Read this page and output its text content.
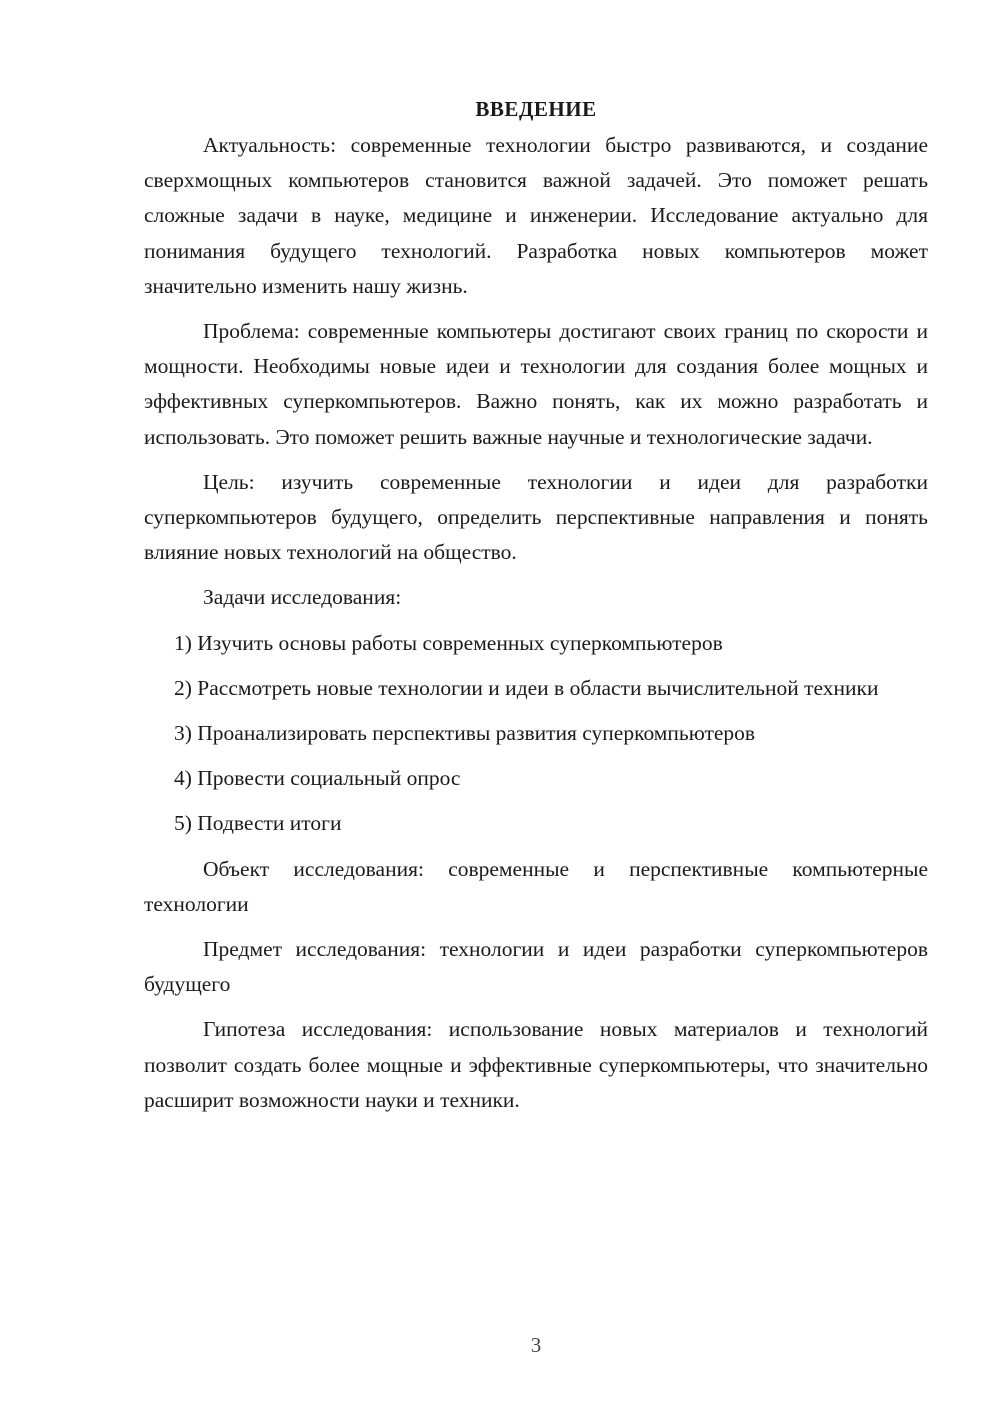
ВВЕДЕНИЕ

Актуальность: современные технологии быстро развиваются, и создание сверхмощных компьютеров становится важной задачей. Это поможет решать сложные задачи в науке, медицине и инженерии. Исследование актуально для понимания будущего технологий. Разработка новых компьютеров может значительно изменить нашу жизнь.

Проблема: современные компьютеры достигают своих границ по скорости и мощности. Необходимы новые идеи и технологии для создания более мощных и эффективных суперкомпьютеров. Важно понять, как их можно разработать и использовать. Это поможет решить важные научные и технологические задачи.

Цель: изучить современные технологии и идеи для разработки суперкомпьютеров будущего, определить перспективные направления и понять влияние новых технологий на общество.

Задачи исследования:

1) Изучить основы работы современных суперкомпьютеров

2) Рассмотреть новые технологии и идеи в области вычислительной техники

3) Проанализировать перспективы развития суперкомпьютеров

4) Провести социальный опрос

5) Подвести итоги

Объект исследования: современные и перспективные компьютерные технологии

Предмет исследования: технологии и идеи разработки суперкомпьютеров будущего

Гипотеза исследования: использование новых материалов и технологий позволит создать более мощные и эффективные суперкомпьютеры, что значительно расширит возможности науки и техники.

3
